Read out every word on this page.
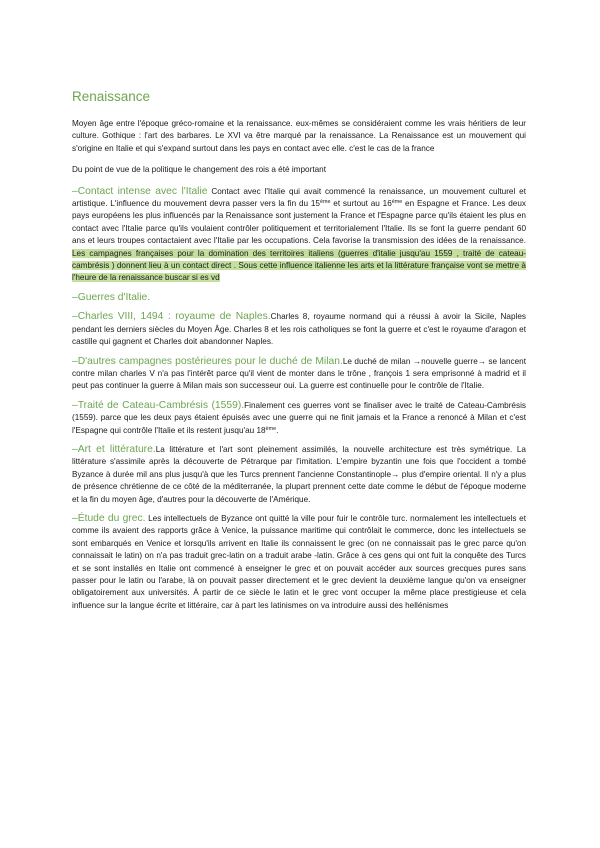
Renaissance

Moyen âge entre l'époque gréco-romaine et la renaissance. eux-mêmes se considéraient comme les vrais héritiers de leur culture. Gothique : l'art des barbares. Le XVI va être marqué par la renaissance. La Renaissance est un mouvement qui s'origine en Italie et qui s'expand surtout dans les pays en contact avec elle. c'est le cas de la france

Du point de vue de la politique le changement des rois a été important

–Contact intense avec l'Italie Contact avec l'Italie qui avait commencé la renaissance, un mouvement culturel et artistique. L'influence du mouvement devra passer vers la fin du 15ème et surtout au 16ème en Espagne et France. Les deux pays européens les plus influencés par la Renaissance sont justement la France et l'Espagne parce qu'ils étaient les plus en contact avec l'Italie parce qu'ils voulaient contrôler politiquement et territorialement l'Italie. Ils se font la guerre pendant 60 ans et leurs troupes contactaient avec l'Italie par les occupations. Cela favorise la transmission des idées de la renaissance. Les campagnes françaises pour la domination des territoires italiens (guerres d'italie jusqu'au 1559 , traité de cateau-cambrésis ) donnent lieu à un contact direct . Sous cette influence italienne les arts et la littérature française vont se mettre à l'heure de la renaissance buscar si es vd

–Guerres d'Italie.

–Charles VIII, 1494 : royaume de Naples.Charles 8, royaume normand qui a réussi à avoir la Sicile, Naples pendant les derniers siècles du Moyen Âge. Charles 8 et les rois catholiques se font la guerre et c'est le royaume d'aragon et castille qui gagnent et Charles doit abandonner Naples.

–D'autres campagnes postérieures pour le duché de Milan.Le duché de milan →nouvelle guerre→ se lancent contre milan charles V n'a pas l'intérêt parce qu'il vient de monter dans le trône , françois 1 sera emprisonné à madrid et il peut pas continuer la guerre à Milan mais son successeur oui. La guerre est continuelle pour le contrôle de l'Italie.

–Traité de Cateau-Cambrésis (1559).Finalement ces guerres vont se finaliser avec le traité de Cateau-Cambrésis (1559). parce que les deux pays étaient épuisés avec une guerre qui ne finit jamais et la France a renoncé à Milan et c'est l'Espagne qui contrôle l'Italie et ils restent jusqu'au 18ème.

–Art et littérature.La littérature et l'art sont pleinement assimilés, la nouvelle architecture est très symétrique. La littérature s'assimile après la découverte de Pétrarque par l'imitation. L'empire byzantin une fois que l'occident a tombé Byzance à durée mil ans plus jusqu'à que les Turcs prennent l'ancienne Constantinople→ plus d'empire oriental. Il n'y a plus de présence chrétienne de ce côté de la méditerranée, la plupart prennent cette date comme le début de l'époque moderne et la fin du moyen âge, d'autres pour la découverte de l'Amérique.

–Étude du grec. Les intellectuels de Byzance ont quitté la ville pour fuir le contrôle turc. normalement les intellectuels et comme ils avaient des rapports grâce à Venice, la puissance maritime qui contrôlait le commerce, donc les intellectuels se sont embarqués en Venice et lorsqu'ils arrivent en Italie ils connaissent le grec (on ne connaissait pas le grec parce qu'on connaissait le latin) on n'a pas traduit grec-latin on a traduit arabe -latin. Grâce à ces gens qui ont fuit la conquête des Turcs et se sont installés en Italie ont commencé à enseigner le grec et on pouvait accéder aux sources grecques pures sans passer pour le latin ou l'arabe, là on pouvait passer directement et le grec devient la deuxième langue qu'on va enseigner obligatoirement aux universités. À partir de ce siècle le latin et le grec vont occuper la même place prestigieuse et cela influence sur la langue écrite et littéraire, car à part les latinismes on va introduire aussi des hellénismes
